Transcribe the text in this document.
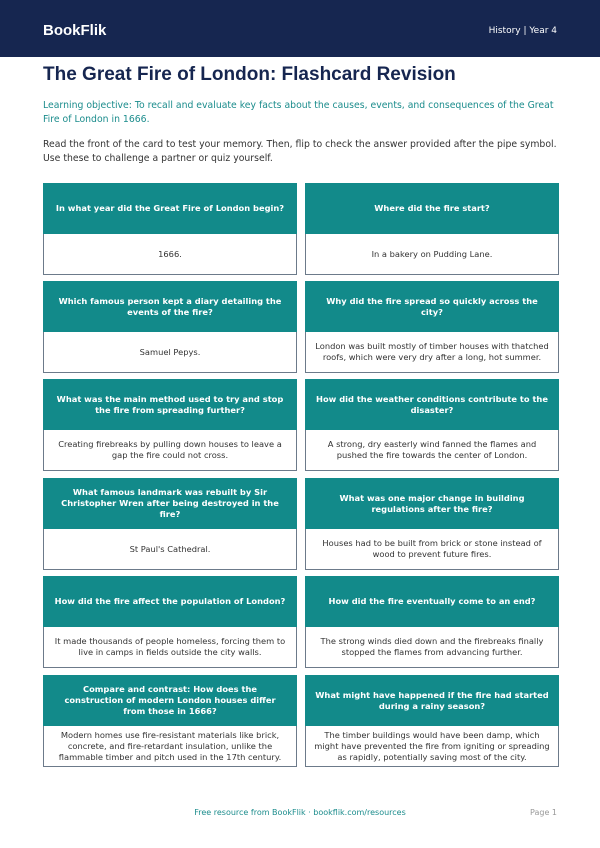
BookFlik	History | Year 4
The Great Fire of London: Flashcard Revision
Learning objective: To recall and evaluate key facts about the causes, events, and consequences of the Great Fire of London in 1666.
Read the front of the card to test your memory. Then, flip to check the answer provided after the pipe symbol. Use these to challenge a partner or quiz yourself.
In what year did the Great Fire of London begin?
1666.
Where did the fire start?
In a bakery on Pudding Lane.
Which famous person kept a diary detailing the events of the fire?
Samuel Pepys.
Why did the fire spread so quickly across the city?
London was built mostly of timber houses with thatched roofs, which were very dry after a long, hot summer.
What was the main method used to try and stop the fire from spreading further?
Creating firebreaks by pulling down houses to leave a gap the fire could not cross.
How did the weather conditions contribute to the disaster?
A strong, dry easterly wind fanned the flames and pushed the fire towards the center of London.
What famous landmark was rebuilt by Sir Christopher Wren after being destroyed in the fire?
St Paul's Cathedral.
What was one major change in building regulations after the fire?
Houses had to be built from brick or stone instead of wood to prevent future fires.
How did the fire affect the population of London?
It made thousands of people homeless, forcing them to live in camps in fields outside the city walls.
How did the fire eventually come to an end?
The strong winds died down and the firebreaks finally stopped the flames from advancing further.
Compare and contrast: How does the construction of modern London houses differ from those in 1666?
Modern homes use fire-resistant materials like brick, concrete, and fire-retardant insulation, unlike the flammable timber and pitch used in the 17th century.
What might have happened if the fire had started during a rainy season?
The timber buildings would have been damp, which might have prevented the fire from igniting or spreading as rapidly, potentially saving most of the city.
Free resource from BookFlik · bookflik.com/resources	Page 1
